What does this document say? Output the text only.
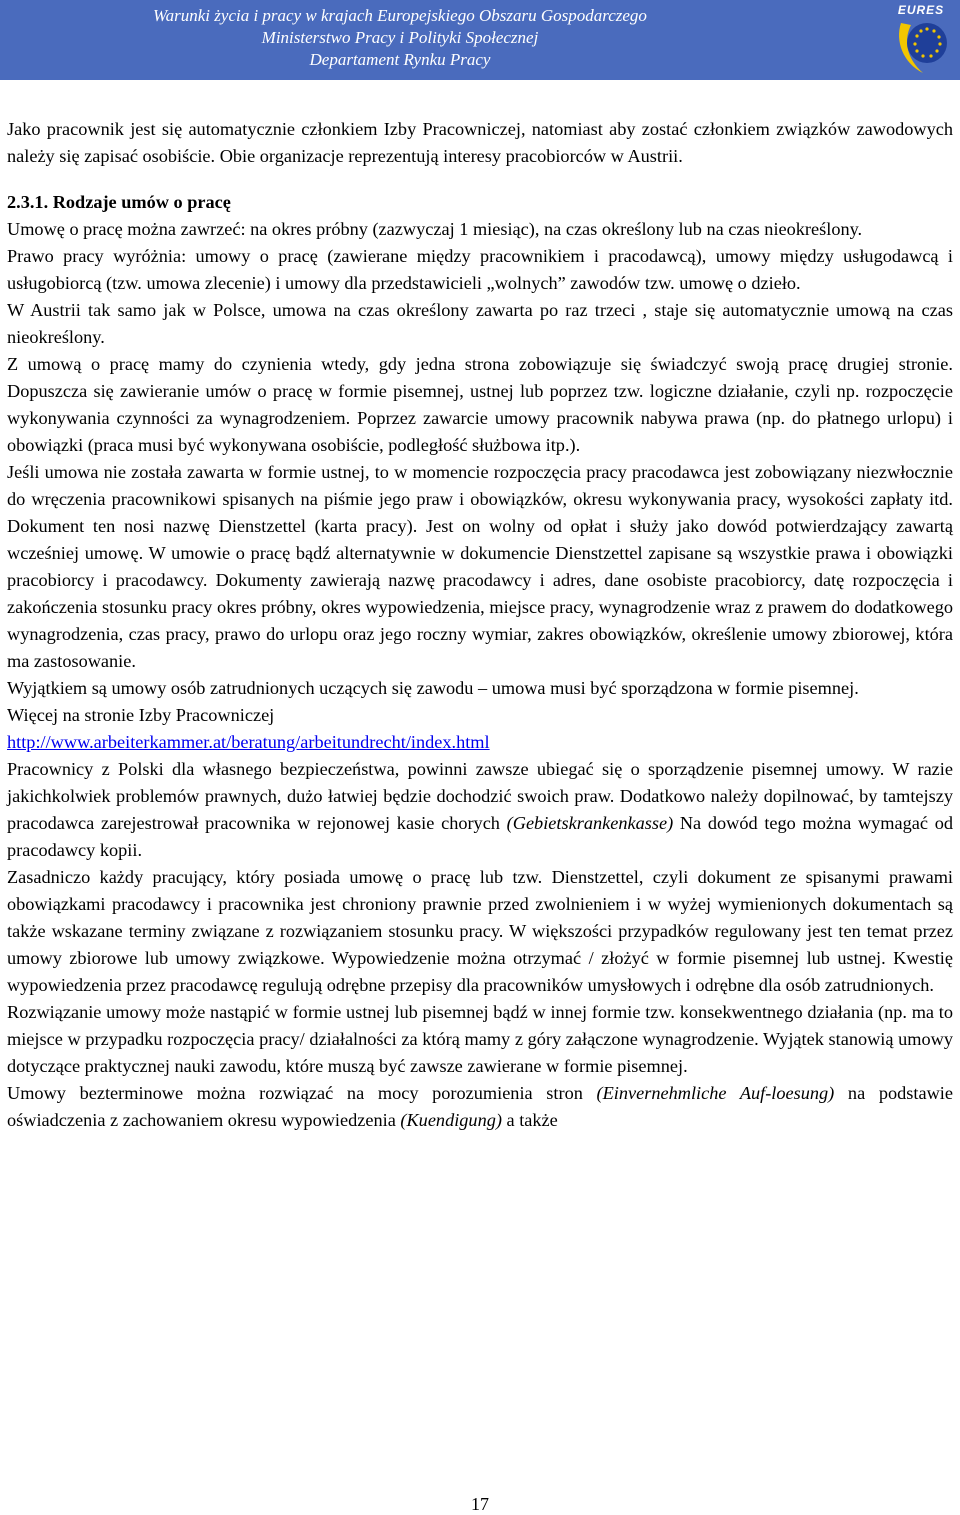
Warunki życia i pracy w krajach Europejskiego Obszaru Gospodarczego
Ministerstwo Pracy i Polityki Społecznej
Departament Rynku Pracy
EURES

Jako pracownik jest się automatycznie członkiem Izby Pracowniczej, natomiast aby zostać członkiem związków zawodowych należy się zapisać osobiście. Obie organizacje reprezentują interesy pracobiorców w Austrii.

2.3.1. Rodzaje umów o pracę

Umowę o pracę można zawrzeć: na okres próbny (zazwyczaj 1 miesiąc), na czas określony lub na czas nieokreślony.

Prawo pracy wyróżnia: umowy o pracę (zawierane między pracownikiem i pracodawcą), umowy między usługodawcą i usługobiorcą (tzw. umowa zlecenie) i umowy dla przedstawicieli „wolnych” zawodów tzw. umowę o dzieło.

W Austrii tak samo jak w Polsce, umowa na czas określony zawarta po raz trzeci , staje się automatycznie umową na czas nieokreślony.

Z umową o pracę mamy do czynienia wtedy, gdy jedna strona zobowiązuje się świadczyć swoją pracę drugiej stronie. Dopuszcza się zawieranie umów o pracę w formie pisemnej, ustnej lub poprzez tzw. logiczne działanie, czyli np. rozpoczęcie wykonywania czynności za wynagrodzeniem. Poprzez zawarcie umowy pracownik nabywa prawa (np. do płatnego urlopu) i obowiązki (praca musi być wykonywana osobiście, podległość służbowa itp.).

Jeśli umowa nie została zawarta w formie ustnej, to w momencie rozpoczęcia pracy pracodawca jest zobowiązany niezwłocznie do wręczenia pracownikowi spisanych na piśmie jego praw i obowiązków, okresu wykonywania pracy, wysokości zapłaty itd. Dokument ten nosi nazwę Dienstzettel (karta pracy). Jest on wolny od opłat i służy jako dowód potwierdzający zawartą wcześniej umowę. W umowie o pracę bądź alternatywnie w dokumencie Dienstzettel zapisane są wszystkie prawa i obowiązki pracobiorcy i pracodawcy. Dokumenty zawierają nazwę pracodawcy i adres, dane osobiste pracobiorcy, datę rozpoczęcia i zakończenia stosunku pracy okres próbny, okres wypowiedzenia, miejsce pracy, wynagrodzenie wraz z prawem do dodatkowego wynagrodzenia, czas pracy, prawo do urlopu oraz jego roczny wymiar, zakres obowiązków, określenie umowy zbiorowej, która ma zastosowanie.

Wyjątkiem są umowy osób zatrudnionych uczących się zawodu – umowa musi być sporządzona w formie pisemnej.

Więcej na stronie Izby Pracowniczej

http://www.arbeiterkammer.at/beratung/arbeitundrecht/index.html

Pracownicy z Polski dla własnego bezpieczeństwa, powinni zawsze ubiegać się o sporządzenie pisemnej umowy. W razie jakichkolwiek problemów prawnych, dużo łatwiej będzie dochodzić swoich praw. Dodatkowo należy dopilnować, by tamtejszy pracodawca zarejestrował pracownika w rejonowej kasie chorych (Gebietskrankenkasse) Na dowód tego można wymagać od pracodawcy kopii.

Zasadniczo każdy pracujący, który posiada umowę o pracę lub tzw. Dienstzettel, czyli dokument ze spisanymi prawami obowiązkami pracodawcy i pracownika jest chroniony prawnie przed zwolnieniem i w wyżej wymienionych dokumentach są także wskazane terminy związane z rozwiązaniem stosunku pracy. W większości przypadków regulowany jest ten temat przez umowy zbiorowe lub umowy związkowe. Wypowiedzenie można otrzymać / złożyć w formie pisemnej lub ustnej. Kwestię wypowiedzenia przez pracodawcę regulują odrębne przepisy dla pracowników umysłowych i odrębne dla osób zatrudnionych.

Rozwiązanie umowy może nastąpić w formie ustnej lub pisemnej bądź w innej formie tzw. konsekwentnego działania (np. ma to miejsce w przypadku rozpoczęcia pracy/ działalności za którą mamy z góry załączone wynagrodzenie. Wyjątek stanowią umowy dotyczące praktycznej nauki zawodu, które muszą być zawsze zawierane w formie pisemnej.

Umowy bezterminowe można rozwiązać na mocy porozumienia stron (Einvernehmliche Auf-loesung) na podstawie oświadczenia z zachowaniem okresu wypowiedzenia (Kuendigung) a także

17
